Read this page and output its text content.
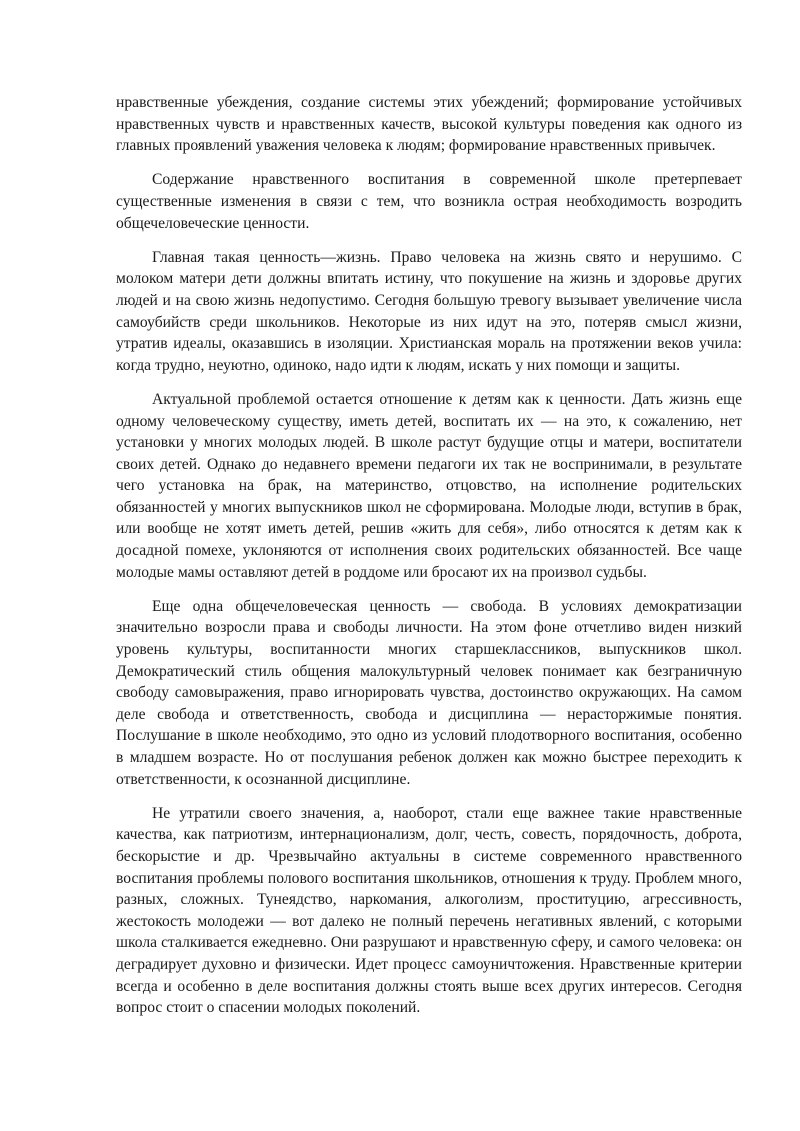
нравственные убеждения, создание системы этих убеждений; формирование устойчивых нравственных чувств и нравственных качеств, высокой культуры поведения как одного из главных проявлений уважения человека к людям; формирование нравственных привычек.

Содержание нравственного воспитания в современной школе претерпевает существенные изменения в связи с тем, что возникла острая необходимость возродить общечеловеческие ценности.

Главная такая ценность—жизнь. Право человека на жизнь свято и нерушимо. С молоком матери дети должны впитать истину, что покушение на жизнь и здоровье других людей и на свою жизнь недопустимо. Сегодня большую тревогу вызывает увеличение числа самоубийств среди школьников. Некоторые из них идут на это, потеряв смысл жизни, утратив идеалы, оказавшись в изоляции. Христианская мораль на протяжении веков учила: когда трудно, неуютно, одиноко, надо идти к людям, искать у них помощи и защиты.

Актуальной проблемой остается отношение к детям как к ценности. Дать жизнь еще одному человеческому существу, иметь детей, воспитать их — на это, к сожалению, нет установки у многих молодых людей. В школе растут будущие отцы и матери, воспитатели своих детей. Однако до недавнего времени педагоги их так не воспринимали, в результате чего установка на брак, на материнство, отцовство, на исполнение родительских обязанностей у многих выпускников школ не сформирована. Молодые люди, вступив в брак, или вообще не хотят иметь детей, решив «жить для себя», либо относятся к детям как к досадной помехе, уклоняются от исполнения своих родительских обязанностей. Все чаще молодые мамы оставляют детей в роддоме или бросают их на произвол судьбы.

Еще одна общечеловеческая ценность — свобода. В условиях демократизации значительно возросли права и свободы личности. На этом фоне отчетливо виден низкий уровень культуры, воспитанности многих старшеклассников, выпускников школ. Демократический стиль общения малокультурный человек понимает как безграничную свободу самовыражения, право игнорировать чувства, достоинство окружающих. На самом деле свобода и ответственность, свобода и дисциплина — нерасторжимые понятия. Послушание в школе необходимо, это одно из условий плодотворного воспитания, особенно в младшем возрасте. Но от послушания ребенок должен как можно быстрее переходить к ответственности, к осознанной дисциплине.

Не утратили своего значения, а, наоборот, стали еще важнее такие нравственные качества, как патриотизм, интернационализм, долг, честь, совесть, порядочность, доброта, бескорыстие и др. Чрезвычайно актуальны в системе современного нравственного воспитания проблемы полового воспитания школьников, отношения к труду. Проблем много, разных, сложных. Тунеядство, наркомания, алкоголизм, проституцию, агрессивность, жестокость молодежи — вот далеко не полный перечень негативных явлений, с которыми школа сталкивается ежедневно. Они разрушают и нравственную сферу, и самого человека: он деградирует духовно и физически. Идет процесс самоуничтожения. Нравственные критерии всегда и особенно в деле воспитания должны стоять выше всех других интересов. Сегодня вопрос стоит о спасении молодых поколений.
